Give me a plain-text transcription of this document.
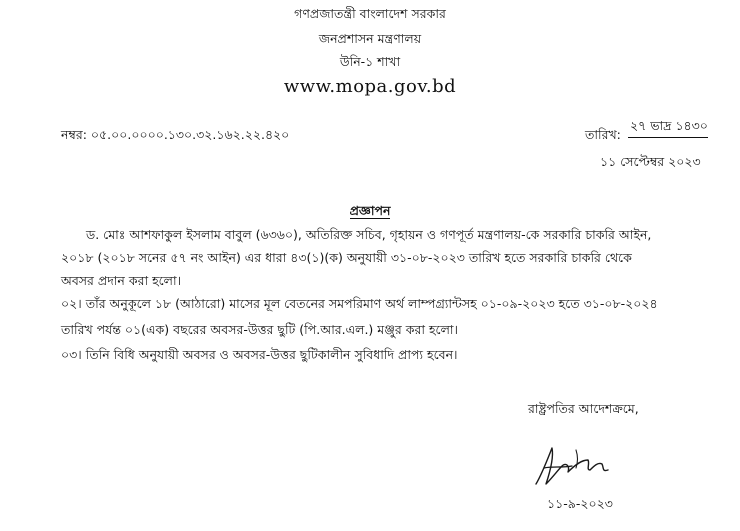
গণপ্রজাতন্ত্রী বাংলাদেশ সরকার
জনপ্রশাসন মন্ত্রণালয়
উনি-১ শাখা
www.mopa.gov.bd
নম্বর: ০৫.০০.০০০০.১৩০.৩২.১৬২.২২.৪২০	তারিখ:
২৭ ভাদ্র ১৪৩০
১১ সেপ্টেম্বর ২০২৩
প্রজ্ঞাপন
ড. মোঃ আশফাকুল ইসলাম বাবুল (৬৩৬০), অতিরিক্ত সচিব, গৃহায়ন ও গণপূর্ত মন্ত্রণালয়-কে সরকারি চাকরি আইন,
২০১৮ (২০১৮ সনের ৫৭ নং আইন) এর ধারা ৪৩(১)(ক) অনুযায়ী ৩১-০৮-২০২৩ তারিখ হতে সরকারি চাকরি থেকে
অবসর প্রদান করা হলো।
০২। তাঁর অনুকূলে ১৮ (আঠারো) মাসের মূল বেতনের সমপরিমাণ অর্থ লাম্পগ্র্যান্টসহ ০১-০৯-২০২৩ হতে ৩১-০৮-২০২৪
তারিখ পর্যন্ত ০১(এক) বছরের অবসর-উত্তর ছুটি (পি.আর.এল.) মঞ্জুর করা হলো।
০৩। তিনি বিধি অনুযায়ী অবসর ও অবসর-উত্তর ছুটিকালীন সুবিধাদি প্রাপ্য হবেন।
রাষ্ট্রপতির আদেশক্রমে,
১১-৯-২০২৩
